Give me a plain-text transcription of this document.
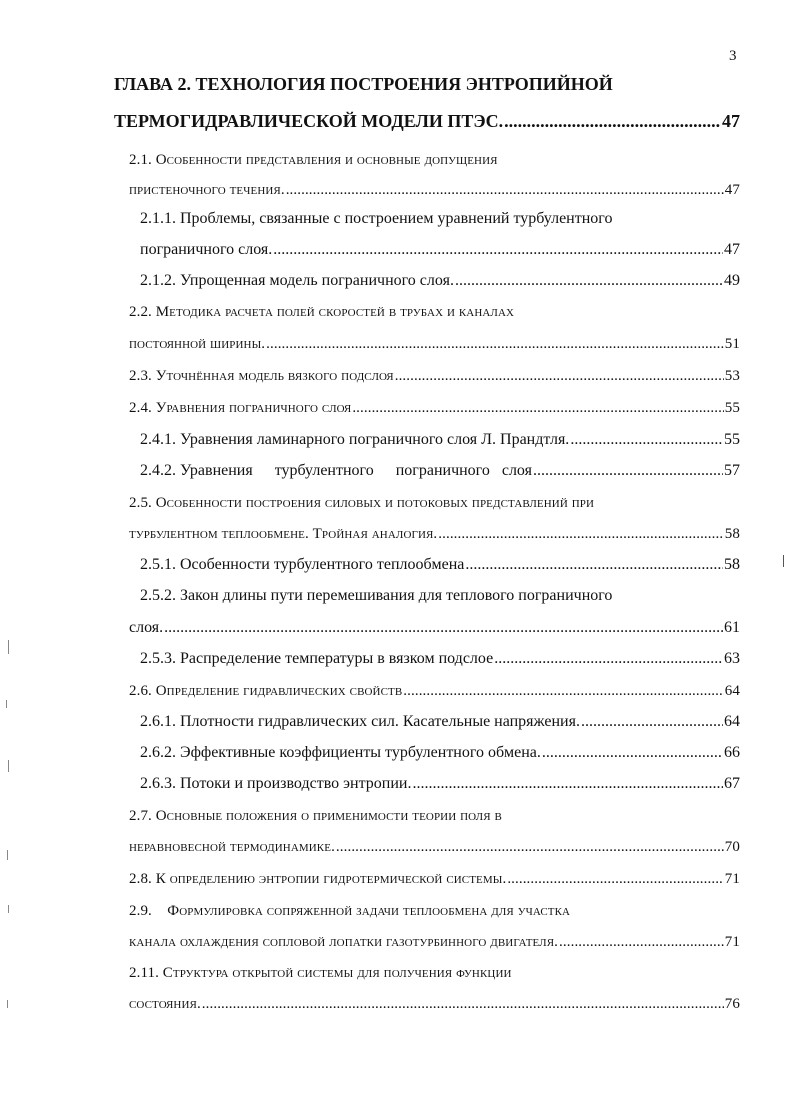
3
ГЛАВА 2. ТЕХНОЛОГИЯ ПОСТРОЕНИЯ ЭНТРОПИЙНОЙ
ТЕРМОГИДРАВЛИЧЕСКОЙ МОДЕЛИ ПТЭС. .....	47
2.1. Особенности представления и основные допущения
пристеночного течения. .....	47
2.1.1. Проблемы, связанные с построением уравнений турбулентного
пограничного слоя. .....	47
2.1.2. Упрощенная модель пограничного слоя. .....	49
2.2. Методика расчета полей скоростей в трубах и каналах
постоянной ширины. .....	51
2.3. Уточнённая модель вязкого подслоя .....	53
2.4. Уравнения пограничного слоя .....	55
2.4.1. Уравнения ламинарного пограничного слоя Л. Прандтля. .....	55
2.4.2. Уравнения турбулентного пограничного слоя .....	57
2.5. Особенности построения силовых и потоковых представлений при
турбулентном теплообмене. Тройная аналогия. .....	58
2.5.1. Особенности турбулентного теплообмена .....	58
2.5.2. Закон длины пути перемешивания для теплового пограничного
слоя. .....	61
2.5.3. Распределение температуры в вязком подслое .....	63
2.6. Определение гидравлических свойств .....	64
2.6.1. Плотности гидравлических сил. Касательные напряжения. .....	64
2.6.2. Эффективные коэффициенты турбулентного обмена. .....	66
2.6.3. Потоки и производство энтропии. .....	67
2.7. Основные положения о применимости теории поля в
неравновесной термодинамике. .....	70
2.8. К определению энтропии гидротермической системы. .....	71
2.9.    Формулировка сопряженной задачи теплообмена для участка
канала охлаждения сопловой лопатки газотурбинного двигателя. .....	71
2.11. Структура открытой системы для получения функции
состояния. .....	76
